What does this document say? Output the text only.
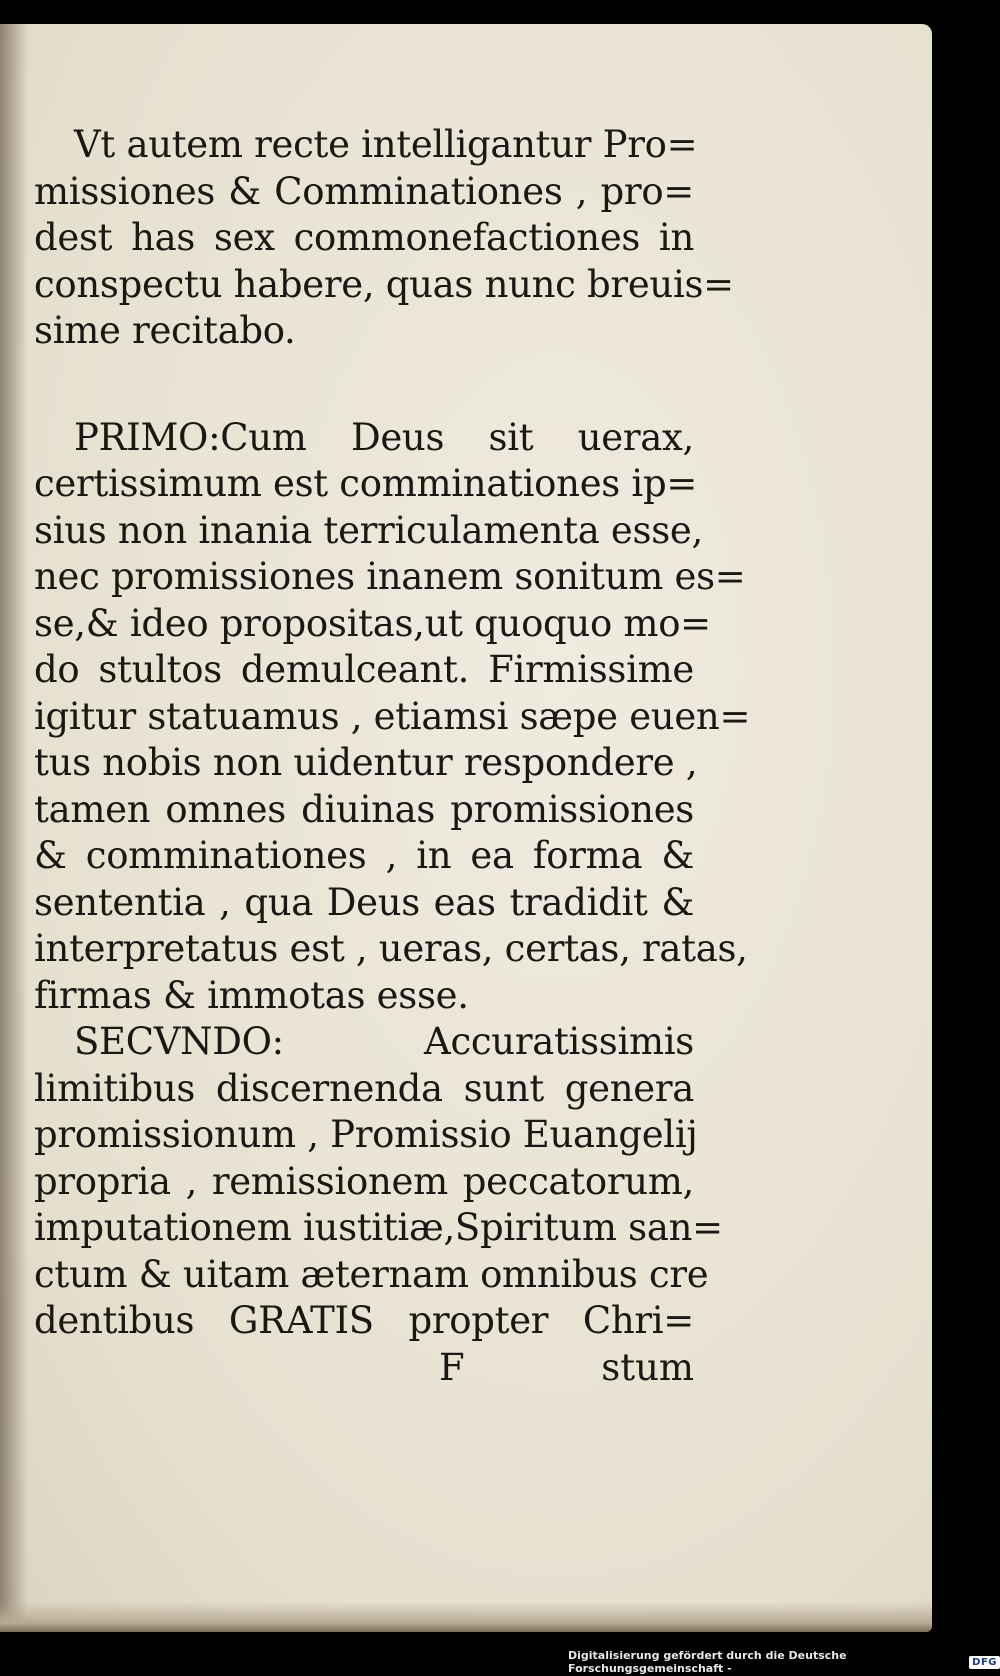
Vt autem recte intelligantur Pro=
missiones & Comminationes , pro=
dest has sex commonefactiones in
conspectu habere, quas nunc breuis=
sime recitabo.

PRIMO:Cum Deus sit uerax,
certissimum est comminationes ip=
sius non inania terriculamenta esse,
nec promissiones inanem sonitum es=
se,& ideo propositas,ut quoquo mo=
do stultos demulceant. Firmissime
igitur statuamus , etiamsi sæpe euen=
tus nobis non uidentur respondere ,
tamen omnes diuinas promissiones
& comminationes , in ea forma &
sententia , qua Deus eas tradidit &
interpretatus est , ueras, certas, ratas,
firmas & immotas esse.

SECVNDO: Accuratissimis
limitibus discernenda sunt genera
promissionum , Promissio Euangelij
propria , remissionem peccatorum,
imputationem iustitiæ,Spiritum san=
ctum & uitam æternam omnibus cre
dentibus GRATIS propter Chri=

F	stum
Digitalisierung gefördert durch die Deutsche Forschungsgemeinschaft -	DFG
